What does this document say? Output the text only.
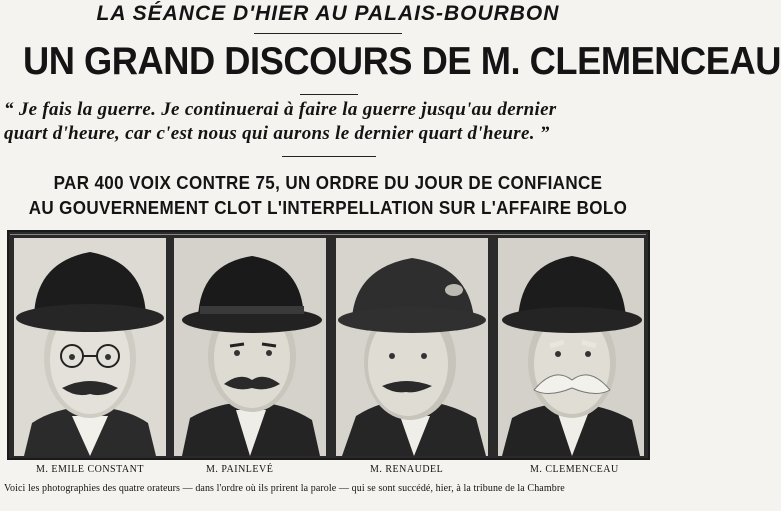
LA SÉANCE D'HIER AU PALAIS-BOURBON
UN GRAND DISCOURS DE M. CLEMENCEAU
“ Je fais la guerre. Je continuerai à faire la guerre jusqu'au dernier
quart d'heure, car c'est nous qui aurons le dernier quart d'heure. ”
PAR 400 VOIX CONTRE 75, UN ORDRE DU JOUR DE CONFIANCE
AU GOUVERNEMENT CLOT L'INTERPELLATION SUR L'AFFAIRE BOLO
M. EMILE CONSTANT	M. PAINLEVÉ	M. RENAUDEL	M. CLEMENCEAU
Voici les photographies des quatre orateurs — dans l'ordre où ils prirent la parole — qui se sont succédé, hier, à la tribune de la Chambre
